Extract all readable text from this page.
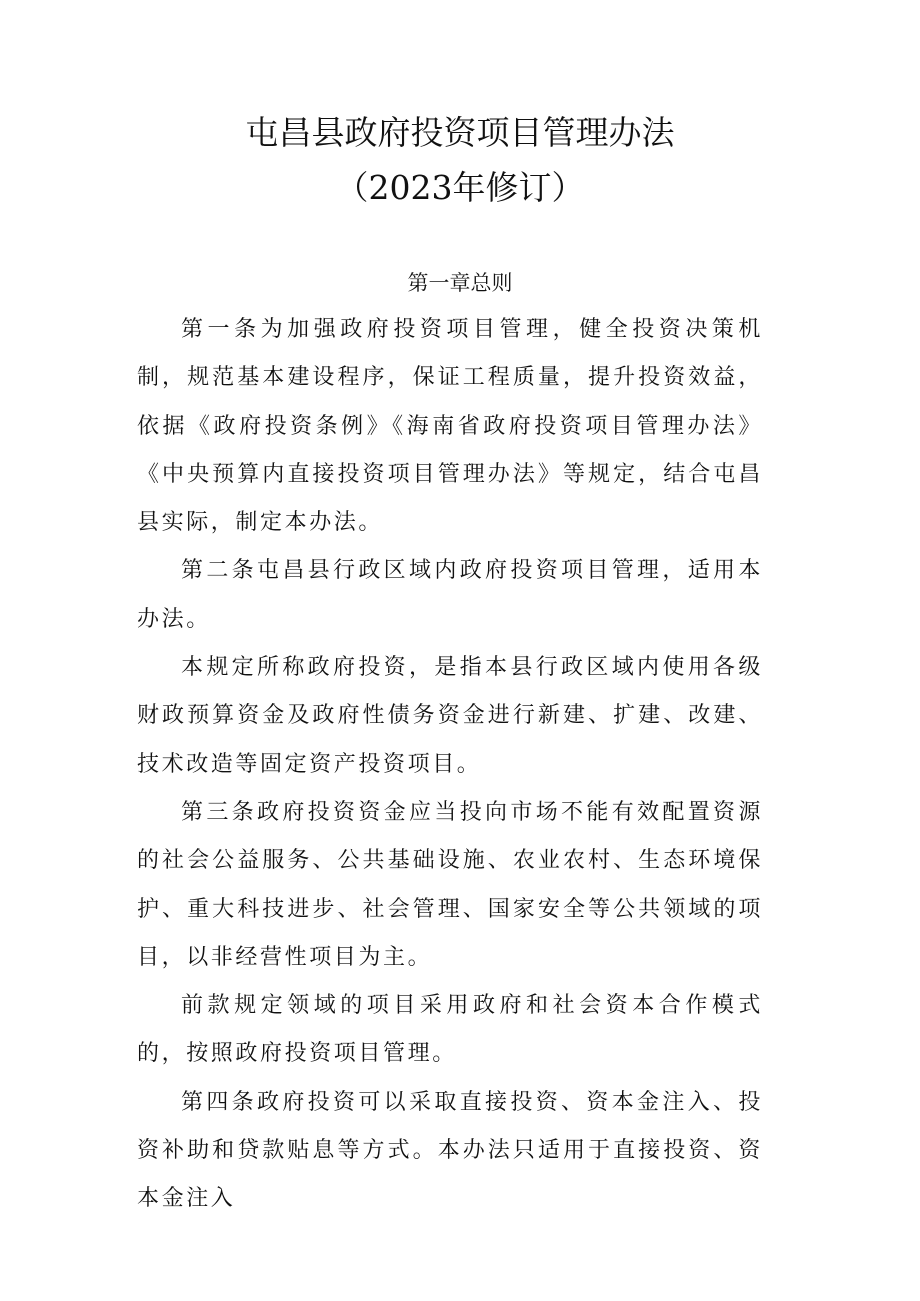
屯昌县政府投资项目管理办法
（2023年修订）
第一章总则

第一条为加强政府投资项目管理，健全投资决策机制，规范基本建设程序，保证工程质量，提升投资效益，依据《政府投资条例》《海南省政府投资项目管理办法》《中央预算内直接投资项目管理办法》等规定，结合屯昌县实际，制定本办法。

第二条屯昌县行政区域内政府投资项目管理，适用本办法。

本规定所称政府投资，是指本县行政区域内使用各级财政预算资金及政府性债务资金进行新建、扩建、改建、技术改造等固定资产投资项目。

第三条政府投资资金应当投向市场不能有效配置资源的社会公益服务、公共基础设施、农业农村、生态环境保护、重大科技进步、社会管理、国家安全等公共领域的项目，以非经营性项目为主。

前款规定领域的项目采用政府和社会资本合作模式的，按照政府投资项目管理。

第四条政府投资可以采取直接投资、资本金注入、投资补助和贷款贴息等方式。本办法只适用于直接投资、资本金注入
